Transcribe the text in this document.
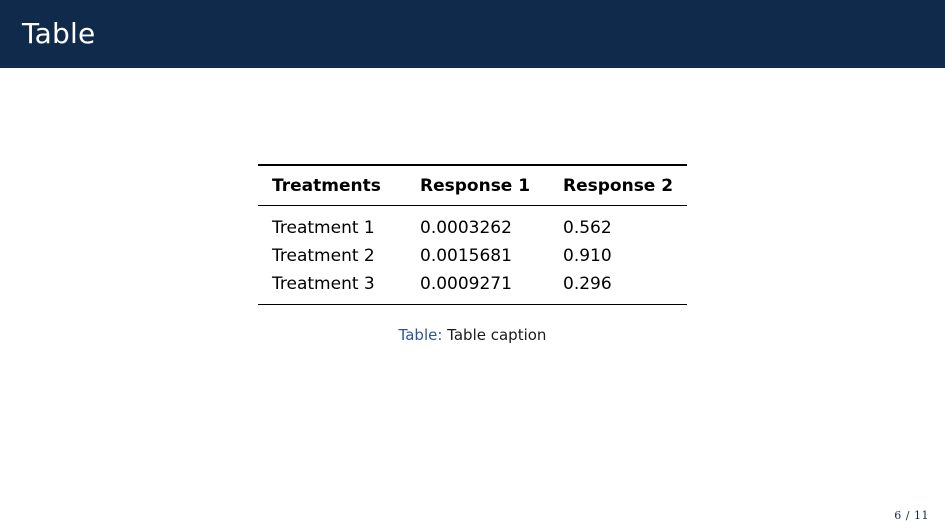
Table

Treatments	Response 1	Response 2

Treatment 1	0.0003262	0.562
Treatment 2	0.0015681	0.910
Treatment 3	0.0009271	0.296

Table: Table caption
6 / 11
